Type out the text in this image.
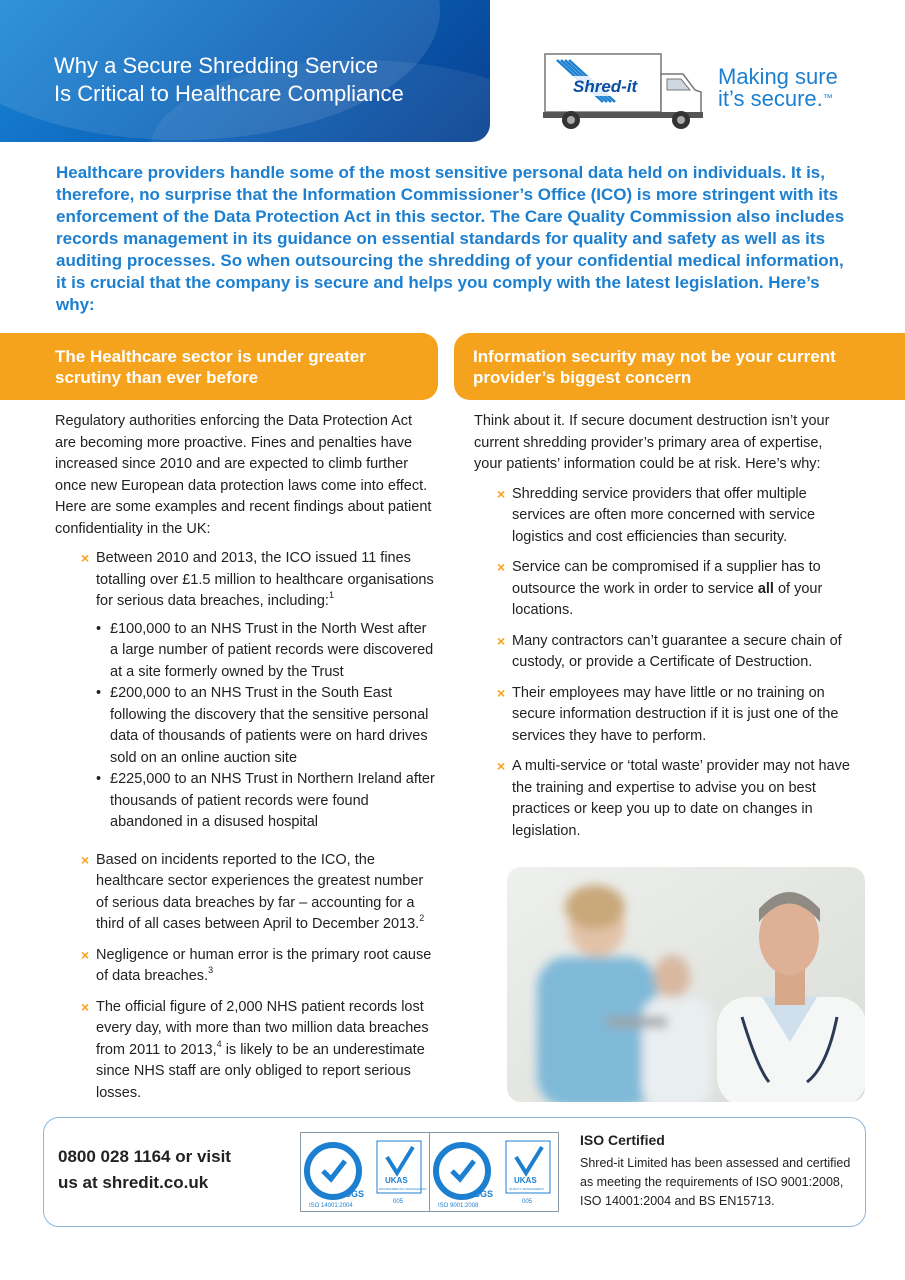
Why a Secure Shredding Service
Is Critical to Healthcare Compliance	Shred-it	Making sure
it’s secure.™

Healthcare providers handle some of the most sensitive personal data held on individuals. It is, therefore, no surprise that the Information Commissioner’s Office (ICO) is more stringent with its enforcement of the Data Protection Act in this sector. The Care Quality Commission also includes records management in its guidance on essential standards for quality and safety as well as its auditing processes. So when outsourcing the shredding of your confidential medical information, it is crucial that the company is secure and helps you comply with the latest legislation. Here’s why:

The Healthcare sector is under greater scrutiny than ever before
Information security may not be your current provider’s biggest concern

Regulatory authorities enforcing the Data Protection Act are becoming more proactive. Fines and penalties have increased since 2010 and are expected to climb further once new European data protection laws come into effect. Here are some examples and recent findings about patient confidentiality in the UK:

× Between 2010 and 2013, the ICO issued 11 fines totalling over £1.5 million to healthcare organisations for serious data breaches, including:$^1$
• £100,000 to an NHS Trust in the North West after a large number of patient records were discovered at a site formerly owned by the Trust
• £200,000 to an NHS Trust in the South East following the discovery that the sensitive personal data of thousands of patients were on hard drives sold on an online auction site
• £225,000 to an NHS Trust in Northern Ireland after thousands of patient records were found abandoned in a disused hospital
× Based on incidents reported to the ICO, the healthcare sector experiences the greatest number of serious data breaches by far – accounting for a third of all cases between April to December 2013.$^2$
× Negligence or human error is the primary root cause of data breaches.$^3$
× The official figure of 2,000 NHS patient records lost every day, with more than two million data breaches from 2011 to 2013,$^4$ is likely to be an underestimate since NHS staff are only obliged to report serious losses.

Think about it. If secure document destruction isn’t your current shredding provider’s primary area of expertise, your patients’ information could be at risk. Here’s why:

× Shredding service providers that offer multiple services are often more concerned with service logistics and cost efficiencies than security.
× Service can be compromised if a supplier has to outsource the work in order to service all of your locations.
× Many contractors can’t guarantee a secure chain of custody, or provide a Certificate of Destruction.
× Their employees may have little or no training on secure information destruction if it is just one of the services they have to perform.
× A multi-service or ‘total waste’ provider may not have the training and expertise to advise you on best practices or keep you up to date on changes in legislation.
0800 028 1164 or visit
us at shredit.co.uk
ISO 14001:2004
SGS
UKAS
ENVIRONMENTAL MANAGEMENT
005
ISO 9001:2008
SGS
UKAS
QUALITY MANAGEMENT
005
ISO Certified
Shred-it Limited has been assessed and certified as meeting the requirements of ISO 9001:2008, ISO 14001:2004 and BS EN15713.
